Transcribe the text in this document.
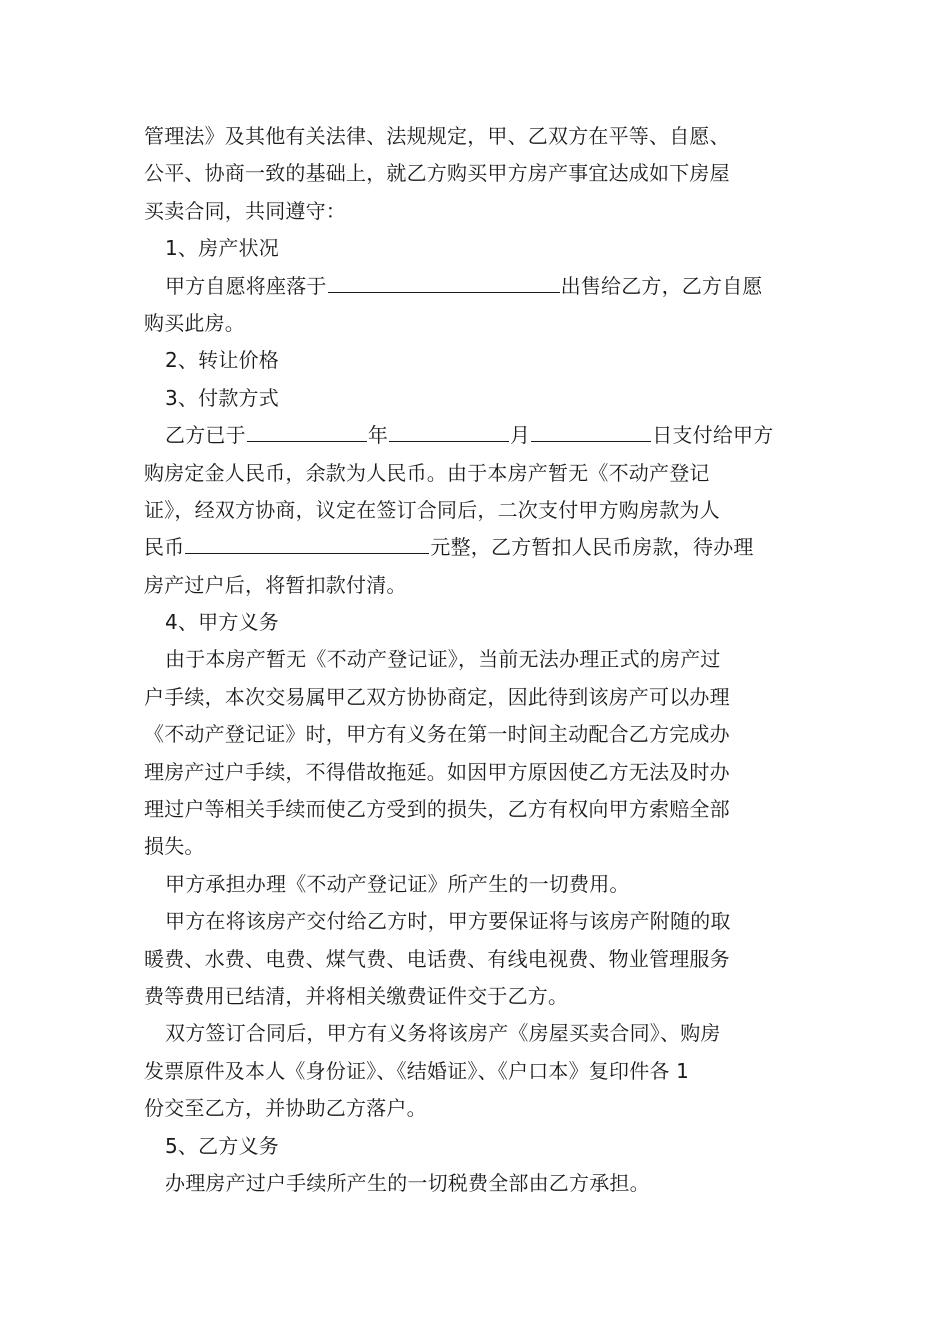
管理法》及其他有关法律、法规规定，甲、乙双方在平等、自愿、
公平、协商一致的基础上，就乙方购买甲方房产事宜达成如下房屋
买卖合同，共同遵守：
1、房产状况
甲方自愿将座落于	出售给乙方，乙方自愿
购买此房。
2、转让价格
3、付款方式
乙方已于	年	月	日支付给甲方
购房定金人民币，余款为人民币。由于本房产暂无《不动产登记
证》，经双方协商，议定在签订合同后，二次支付甲方购房款为人
民币	元整，乙方暂扣人民币房款，待办理
房产过户后，将暂扣款付清。
4、甲方义务
由于本房产暂无《不动产登记证》，当前无法办理正式的房产过
户手续，本次交易属甲乙双方协协商定，因此待到该房产可以办理
《不动产登记证》时，甲方有义务在第一时间主动配合乙方完成办
理房产过户手续，不得借故拖延。如因甲方原因使乙方无法及时办
理过户等相关手续而使乙方受到的损失，乙方有权向甲方索赔全部
损失。
甲方承担办理《不动产登记证》所产生的一切费用。
甲方在将该房产交付给乙方时，甲方要保证将与该房产附随的取
暖费、水费、电费、煤气费、电话费、有线电视费、物业管理服务
费等费用已结清，并将相关缴费证件交于乙方。
双方签订合同后，甲方有义务将该房产《房屋买卖合同》、购房
发票原件及本人《身份证》、《结婚证》、《户口本》复印件各 1
份交至乙方，并协助乙方落户。
5、乙方义务
办理房产过户手续所产生的一切税费全部由乙方承担。
